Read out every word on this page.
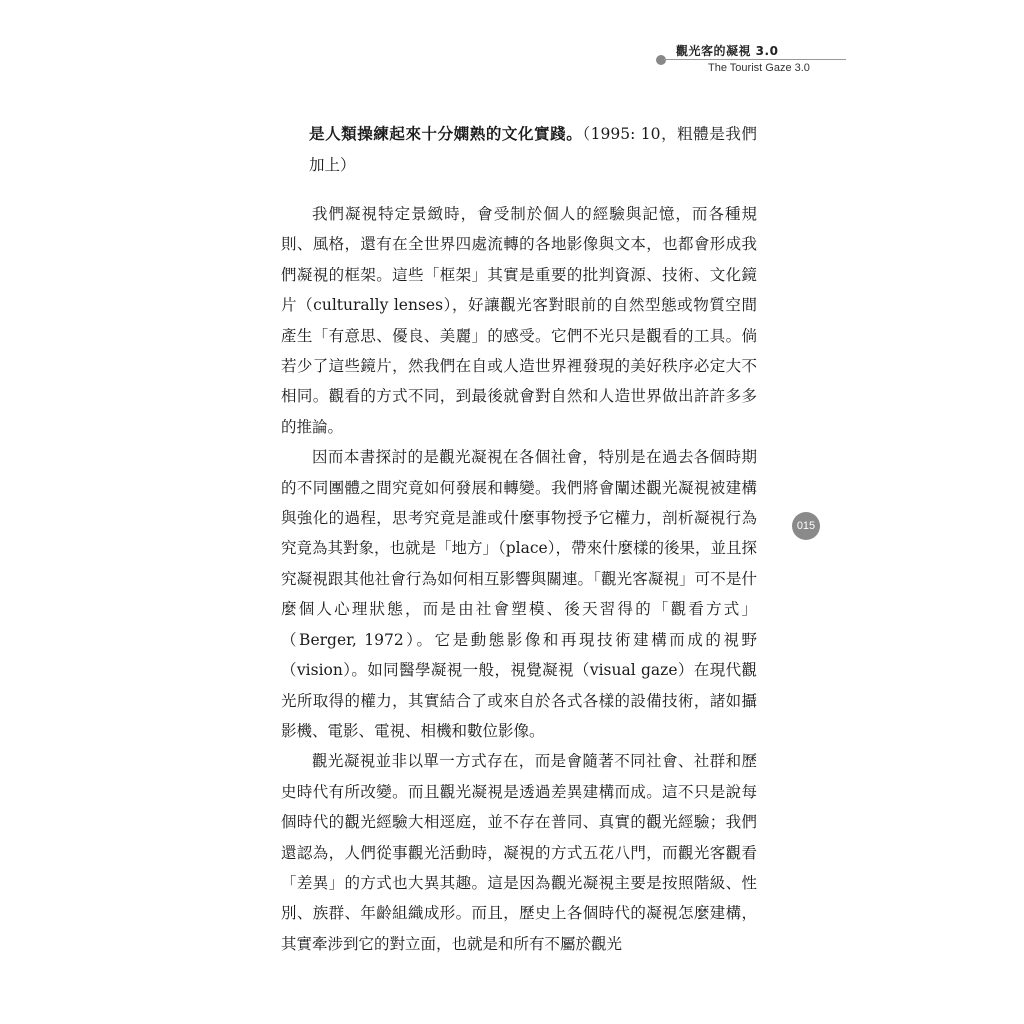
觀光客的凝視 3.0
The Tourist Gaze 3.0
015

是人類操練起來十分嫻熟的文化實踐。（1995: 10，粗體是我們加上）

我們凝視特定景緻時，會受制於個人的經驗與記憶，而各種規則、風格，還有在全世界四處流轉的各地影像與文本，也都會形成我們凝視的框架。這些「框架」其實是重要的批判資源、技術、文化鏡片（culturally lenses），好讓觀光客對眼前的自然型態或物質空間產生「有意思、優良、美麗」的感受。它們不光只是觀看的工具。倘若少了這些鏡片，然我們在自或人造世界裡發現的美好秩序必定大不相同。觀看的方式不同，到最後就會對自然和人造世界做出許許多多的推論。

因而本書探討的是觀光凝視在各個社會，特別是在過去各個時期的不同團體之間究竟如何發展和轉變。我們將會闡述觀光凝視被建構與強化的過程，思考究竟是誰或什麼事物授予它權力，剖析凝視行為究竟為其對象，也就是「地方」（place），帶來什麼樣的後果，並且探究凝視跟其他社會行為如何相互影響與關連。「觀光客凝視」可不是什麼個人心理狀態，而是由社會塑模、後天習得的「觀看方式」（Berger, 1972）。它是動態影像和再現技術建構而成的視野（vision）。如同醫學凝視一般，視覺凝視（visual gaze）在現代觀光所取得的權力，其實結合了或來自於各式各樣的設備技術，諸如攝影機、電影、電視、相機和數位影像。

觀光凝視並非以單一方式存在，而是會隨著不同社會、社群和歷史時代有所改變。而且觀光凝視是透過差異建構而成。這不只是說每個時代的觀光經驗大相逕庭，並不存在普同、真實的觀光經驗；我們還認為，人們從事觀光活動時，凝視的方式五花八門，而觀光客觀看「差異」的方式也大異其趣。這是因為觀光凝視主要是按照階級、性別、族群、年齡組織成形。而且，歷史上各個時代的凝視怎麼建構，其實牽涉到它的對立面，也就是和所有不屬於觀光
